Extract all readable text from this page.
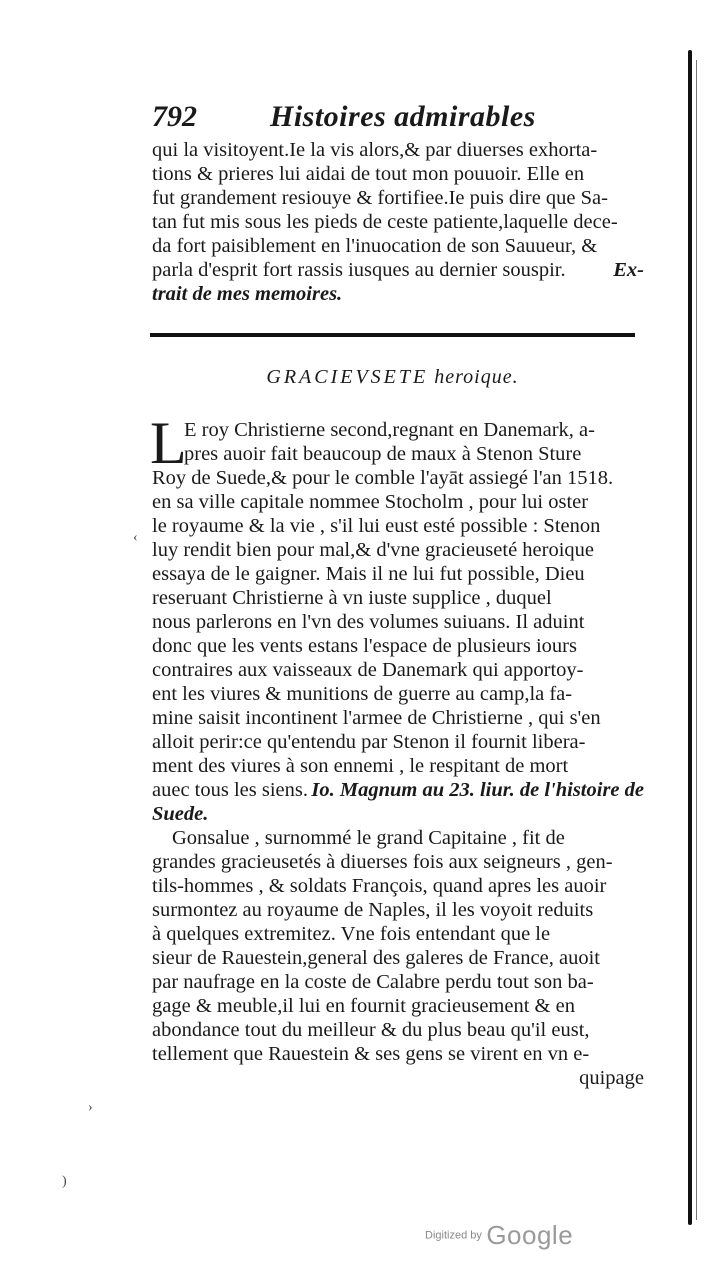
792 Histoires admirables
qui la visitoyent.Ie la vis alors,& par diuerses exhorta-
tions & prieres lui aidai de tout mon pouuoir. Elle en
fut grandement resiouye & fortifiee.Ie puis dire que Sa-
tan fut mis sous les pieds de ceste patiente,laquelle dece-
da fort paisiblement en l'inuocation de son Sauueur, &
parla d'esprit fort rassis iusques au dernier souspir. Ex-
trait de mes memoires.
GRACIEVSETE heroique.
L
E roy Christierne second,regnant en Danemark, a-
pres auoir fait beaucoup de maux à Stenon Sture
Roy de Suede,& pour le comble l'ayāt assiegé l'an 1518.
en sa ville capitale nommee Stocholm , pour lui oster
le royaume & la vie , s'il lui eust esté possible : Stenon
luy rendit bien pour mal,& d'vne gracieuseté heroique
essaya de le gaigner. Mais il ne lui fut possible, Dieu
reseruant Christierne à vn iuste supplice , duquel
nous parlerons en l'vn des volumes suiuans. Il aduint
donc que les vents estans l'espace de plusieurs iours
contraires aux vaisseaux de Danemark qui apportoy-
ent les viures & munitions de guerre au camp,la fa-
mine saisit incontinent l'armee de Christierne , qui s'en
alloit perir:ce qu'entendu par Stenon il fournit libera-
ment des viures à son ennemi , le respitant de mort
auec tous les siens. Io. Magnum au 23. liur. de l'histoire de
Suede.
Gonsalue , surnommé le grand Capitaine , fit de
grandes gracieusetés à diuerses fois aux seigneurs , gen-
tils-hommes , & soldats François, quand apres les auoir
surmontez au royaume de Naples, il les voyoit reduits
à quelques extremitez. Vne fois entendant que le
sieur de Rauestein,general des galeres de France, auoit
par naufrage en la coste de Calabre perdu tout son ba-
gage & meuble,il lui en fournit gracieusement & en
abondance tout du meilleur & du plus beau qu'il eust,
tellement que Rauestein & ses gens se virent en vn e-
quipage
‹
›
)
Digitized by Google
